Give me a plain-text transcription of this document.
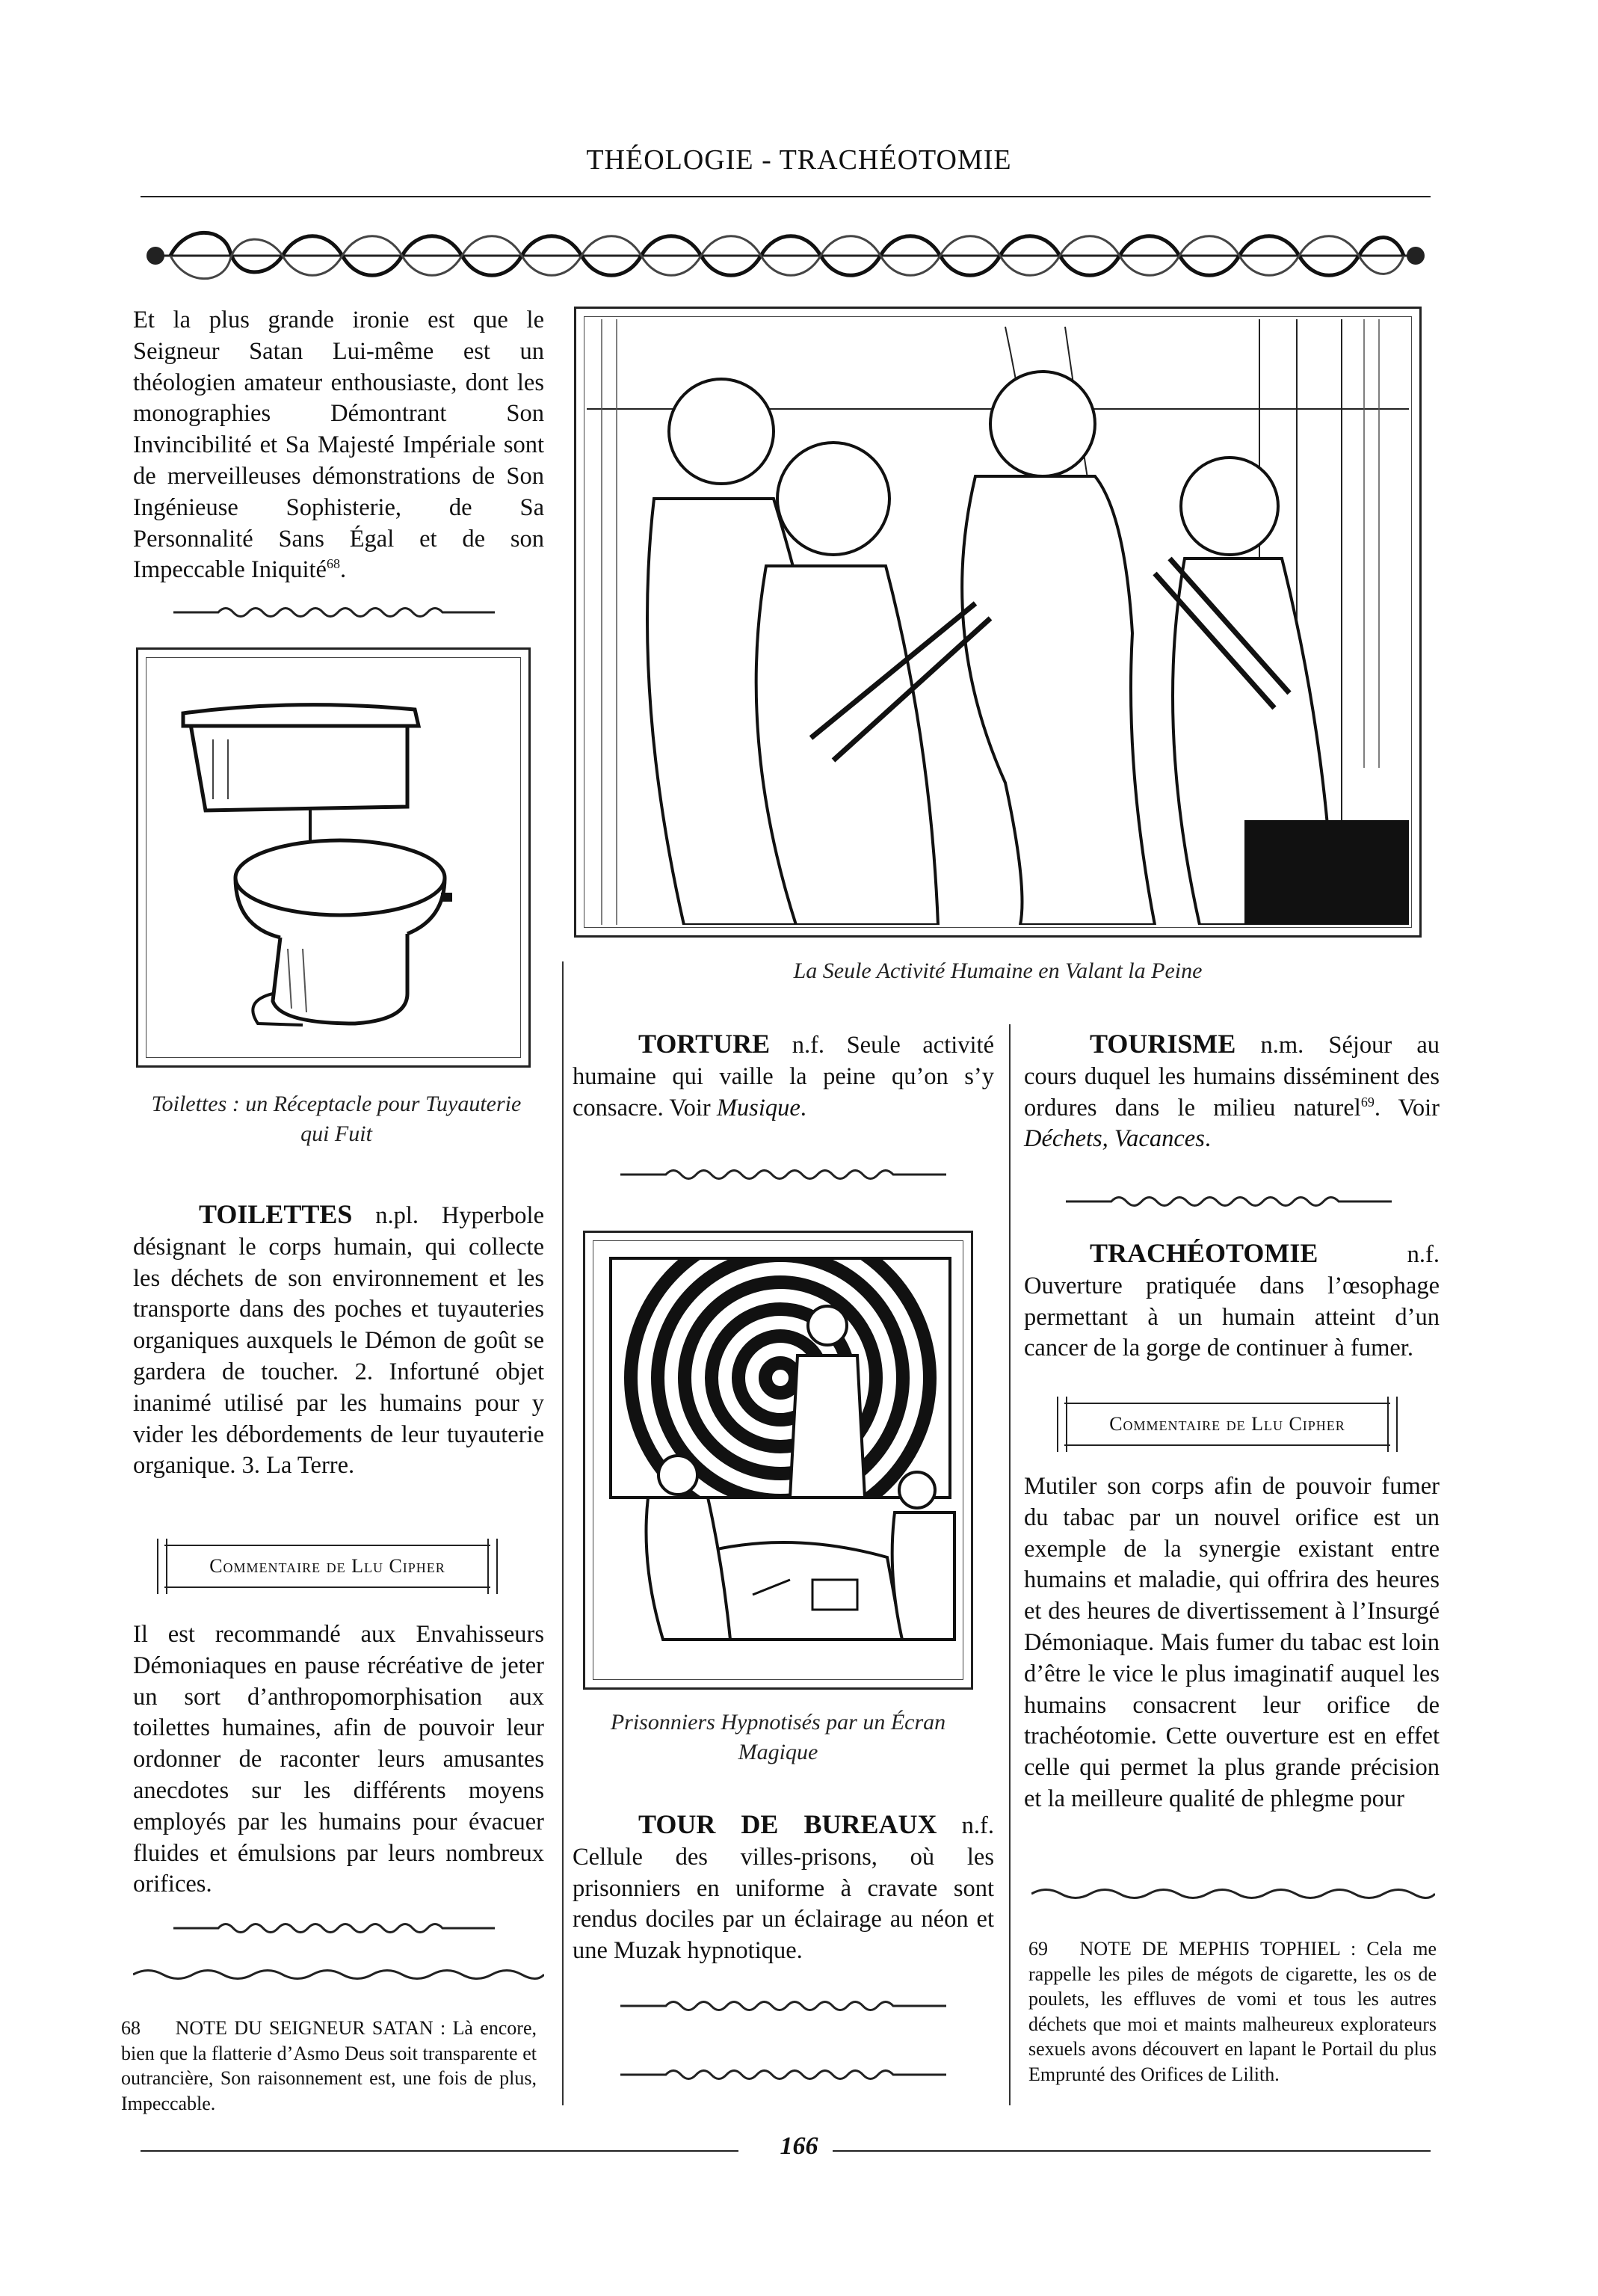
THÉOLOGIE - TRACHÉOTOMIE

Et la plus grande ironie est que le Seigneur Satan Lui-même est un théologien amateur enthousiaste, dont les monographies Démontrant Son Invincibilité et Sa Majesté Impériale sont de merveilleuses démonstrations de Son Ingénieuse Sophisterie, de Sa Personnalité Sans Égal et de son Impeccable Iniquité$^{68}$.

Toilettes : un Réceptacle pour Tuyauterie qui Fuit

TOILETTES n.pl. Hyperbole désignant le corps humain, qui collecte les déchets de son environnement et les transporte dans des poches et tuyauteries organiques auxquels le Démon de goût se gardera de toucher. 2. Infortuné objet inanimé utilisé par les humains pour y vider les débordements de leur tuyauterie organique. 3. La Terre.

Commentaire de Llu Cipher

Il est recommandé aux Envahisseurs Démoniaques en pause récréative de jeter un sort d’anthropomorphisation aux toilettes humaines, afin de pouvoir leur ordonner de raconter leurs amusantes anecdotes sur les différents moyens employés par les humains pour évacuer fluides et émulsions par leurs nombreux orifices.

68 NOTE DU SEIGNEUR SATAN : Là encore, bien que la flatterie d’Asmo Deus soit transparente et outrancière, Son raisonnement est, une fois de plus, Impeccable.
La Seule Activité Humaine en Valant la Peine

TORTURE n.f. Seule activité humaine qui vaille la peine qu’on s’y consacre. Voir Musique.

Prisonniers Hypnotisés par un Écran Magique

TOUR DE BUREAUX n.f. Cellule des villes-prisons, où les prisonniers en uniforme à cravate sont rendus dociles par un éclairage au néon et une Muzak hypnotique.

TOURISME n.m. Séjour au cours duquel les humains disséminent des ordures dans le milieu naturel$^{69}$. Voir Déchets, Vacances.

TRACHÉOTOMIE n.f. Ouverture pratiquée dans l’œsophage permettant à un humain atteint d’un cancer de la gorge de continuer à fumer.

Commentaire de Llu Cipher

Mutiler son corps afin de pouvoir fumer du tabac par un nouvel orifice est un exemple de la synergie existant entre humains et maladie, qui offrira des heures et des heures de divertissement à l’Insurgé Démoniaque. Mais fumer du tabac est loin d’être le vice le plus imaginatif auquel les humains consacrent leur orifice de trachéotomie. Cette ouverture est en effet celle qui permet la plus grande précision et la meilleure qualité de phlegme pour

69 NOTE DE MEPHIS TOPHIEL : Cela me rappelle les piles de mégots de cigarette, les os de poulets, les effluves de vomi et tous les autres déchets que moi et maints malheureux explorateurs sexuels avons découvert en lapant le Portail du plus Emprunté des Orifices de Lilith.
166
